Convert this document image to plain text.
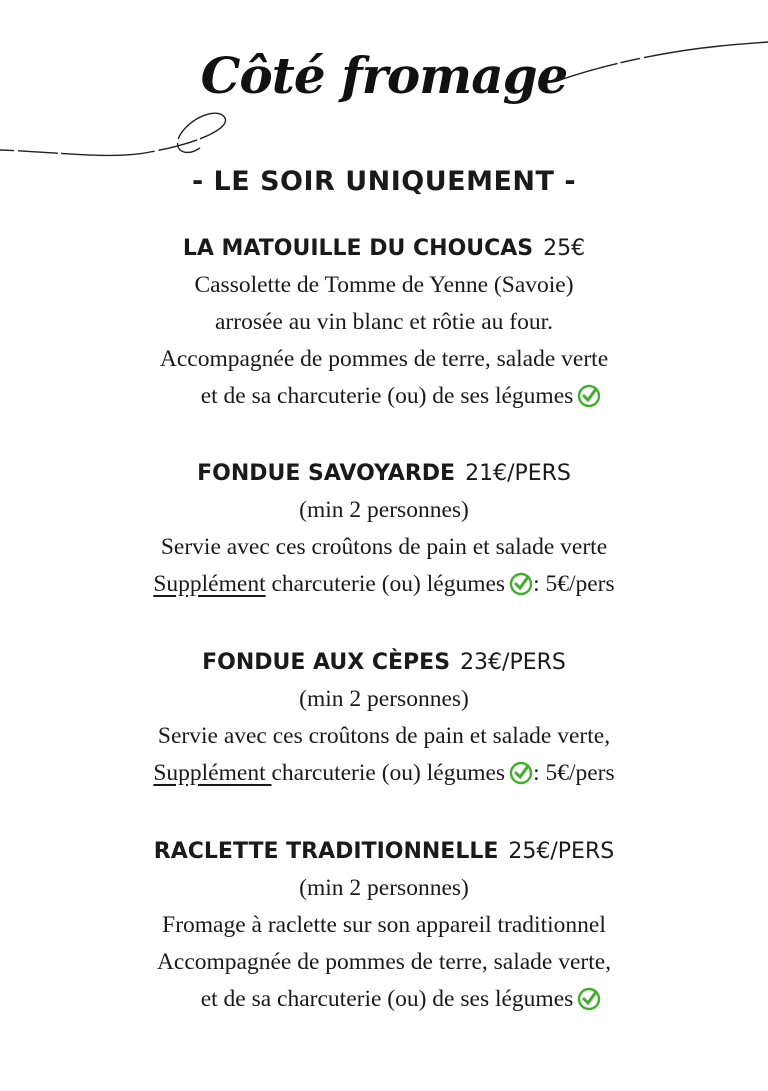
Côté fromage
- LE SOIR UNIQUEMENT -
LA MATOUILLE DU CHOUCAS 25€
Cassolette de Tomme de Yenne (Savoie)
arrosée au vin blanc et rôtie au four.
Accompagnée de pommes de terre, salade verte
et de sa charcuterie (ou) de ses légumes
FONDUE SAVOYARDE 21€/PERS
(min 2 personnes)
Servie avec ces croûtons de pain et salade verte
Supplément charcuterie (ou) légumes : 5€/pers
FONDUE AUX CÈPES 23€/PERS
(min 2 personnes)
Servie avec ces croûtons de pain et salade verte,
Supplément charcuterie (ou) légumes : 5€/pers
RACLETTE TRADITIONNELLE 25€/PERS
(min 2 personnes)
Fromage à raclette sur son appareil traditionnel
Accompagnée de pommes de terre, salade verte,
et de sa charcuterie (ou) de ses légumes
